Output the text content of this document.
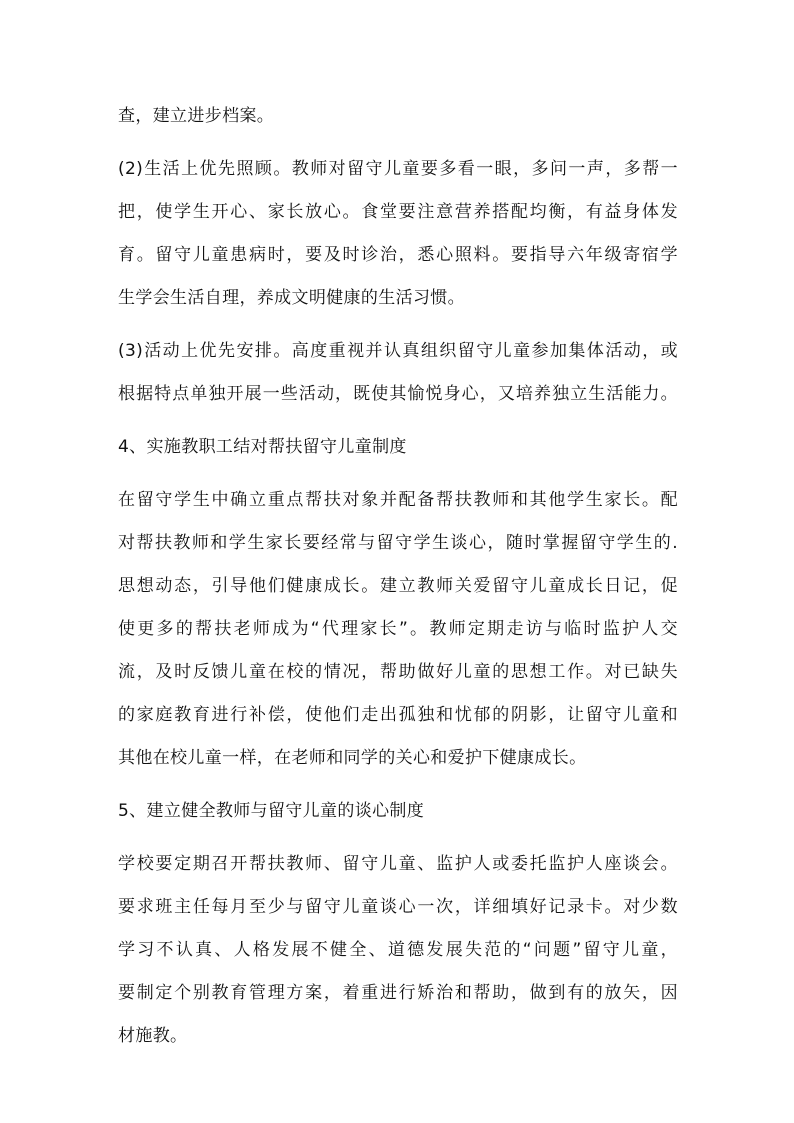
查，建立进步档案。
(2)生活上优先照顾。教师对留守儿童要多看一眼，多问一声，多帮一
把，使学生开心、家长放心。食堂要注意营养搭配均衡，有益身体发
育。留守儿童患病时，要及时诊治，悉心照料。要指导六年级寄宿学
生学会生活自理，养成文明健康的生活习惯。
(3)活动上优先安排。高度重视并认真组织留守儿童参加集体活动，或
根据特点单独开展一些活动，既使其愉悦身心，又培养独立生活能力。
4、实施教职工结对帮扶留守儿童制度
在留守学生中确立重点帮扶对象并配备帮扶教师和其他学生家长。配
对帮扶教师和学生家长要经常与留守学生谈心，随时掌握留守学生的.
思想动态，引导他们健康成长。建立教师关爱留守儿童成长日记，促
使更多的帮扶老师成为“代理家长”。教师定期走访与临时监护人交
流，及时反馈儿童在校的情况，帮助做好儿童的思想工作。对已缺失
的家庭教育进行补偿，使他们走出孤独和忧郁的阴影，让留守儿童和
其他在校儿童一样，在老师和同学的关心和爱护下健康成长。
5、建立健全教师与留守儿童的谈心制度
学校要定期召开帮扶教师、留守儿童、监护人或委托监护人座谈会。
要求班主任每月至少与留守儿童谈心一次，详细填好记录卡。对少数
学习不认真、人格发展不健全、道德发展失范的“问题”留守儿童，
要制定个别教育管理方案，着重进行矫治和帮助，做到有的放矢，因
材施教。
